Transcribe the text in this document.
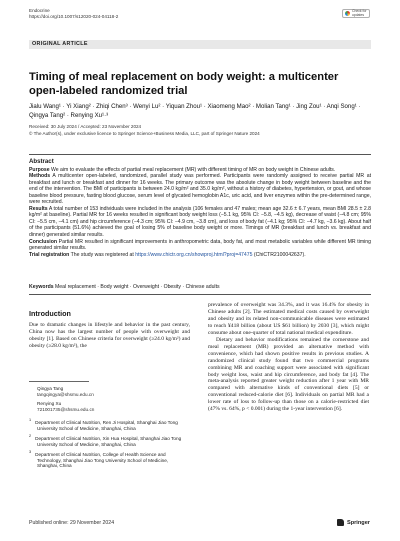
Endocrine
https://doi.org/10.1007/s12020-024-04118-2
Check for
updates
ORIGINAL ARTICLE
Timing of meal replacement on body weight: a multicenter open-labeled randomized trial
Jialu Wang¹ · Yi Xiang² · Zhiqi Chen³ · Wenyi Lu² · Yiquan Zhou¹ · Xiaomeng Mao² · Molian Tang¹ · Jing Zou¹ · Anqi Song¹ · Qingya Tang² · Renying Xu¹·³
Received: 30 July 2024 / Accepted: 23 November 2024
© The Author(s), under exclusive licence to Springer Science+Business Media, LLC, part of Springer Nature 2024
Abstract

Purpose We aim to evaluate the effects of partial meal replacement (MR) with different timing of MR on body weight in Chinese adults.

Methods A multicenter open-labeled, randomized, parallel study was performed. Participants were randomly assigned to receive partial MR at breakfast and lunch or breakfast and dinner for 16 weeks. The primary outcome was the absolute change in body weight between baseline and the end of the intervention. The BMI of participants is between 24.0 kg/m² and 35.0 kg/m², without a history of diabetes, hypertension, or gout, and whose baseline blood pressure, fasting blood glucose, serum level of glycated hemoglobin A1c, uric acid, and liver enzymes within the pre-determined range, were recruited.

Results A total number of 153 individuals were included in the analysis (106 females and 47 males; mean age 32.6 ± 6.7 years, mean BMI 28.5 ± 2.8 kg/m² at baseline). Partial MR for 16 weeks resulted in significant body weight loss (−5.1 kg, 95% CI: −5.8, −4.5 kg), decrease of waist (−4.8 cm; 95% CI: −5.5 cm, −4.1 cm) and hip circumference (−4.3 cm; 95% CI: −4.9 cm, −3.8 cm), and loss of body fat (−4.1 kg; 95% CI: −4.7 kg, −3.6 kg). About half of the participants (51.6%) achieved the goal of losing 5% of baseline body weight or more. Timings of MR (breakfast and lunch vs. breakfast and dinner) generated similar results.

Conclusion Partial MR resulted in significant improvements in anthropometric data, body fat, and most metabolic variables while different MR timing generated similar results.

Trial registration The study was registered at https://www.chictr.org.cn/showproj.html?proj=47475 (ChiCTR2100042637).

Keywords Meal replacement · Body weight · Overweight · Obesity · Chinese adults
Introduction

Due to dramatic changes in lifestyle and behavior in the past century, China now has the largest number of people with overweight and obesity [1]. Based on Chinese criteria for overweight (≥24.0 kg/m²) and obesity (≥28.0 kg/m²), the

Qingya Tang
tangqingya@shsmu.edu.cn
Renying Xu
721001735@shsmu.edu.cn
$^1$ Department of Clinical Nutrition, Ren Ji Hospital, Shanghai Jiao Tong University School of Medicine, Shanghai, China
$^2$ Department of Clinical Nutrition, Xin Hua Hospital, Shanghai Jiao Tong University School of Medicine, Shanghai, China
$^3$ Department of Clinical Nutrition, College of Health Science and Technology, Shanghai Jiao Tong University School of Medicine, Shanghai, China

prevalence of overweight was 34.3%, and it was 16.4% for obesity in Chinese adults [2]. The estimated medical costs caused by overweight and obesity and its related non-communicable diseases were estimated to reach ¥418 billion (about US $61 billion) by 2030 [3], which might consume about one-quarter of total national medical expenditure.

Dietary and behavior modifications remained the cornerstone and meal replacement (MR) provided an alternative method with convenience, which had shown positive results in previous studies. A randomized clinical study found that two commercial programs combining MR and coaching support were associated with significant body weight loss, waist and hip circumference, and body fat [4]. The meta-analysis reported greater weight reduction after 1 year with MR compared with alternative kinds of conventional diets [5] or conventional reduced-calorie diet [6]. Individuals on partial MR had a lower rate of loss to follow-up than those on a calorie-restricted diet (47% vs. 64%, p < 0.001) during the 1-year intervention [6].

Published online: 29 November 2024	Springer
